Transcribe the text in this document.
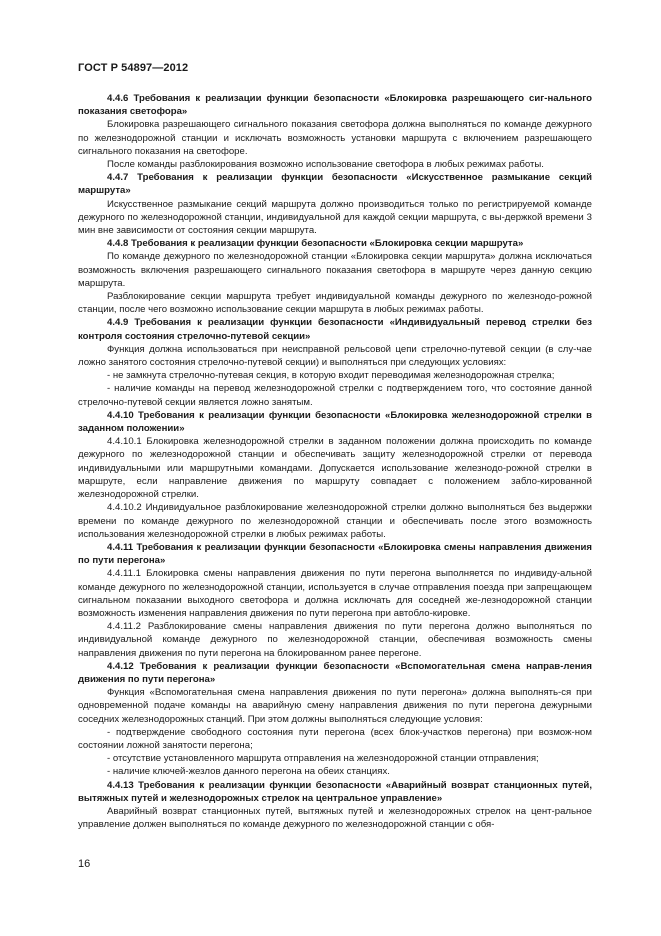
ГОСТ Р 54897—2012

4.4.6 Требования к реализации функции безопасности «Блокировка разрешающего сиг-нального показания светофора»

Блокировка разрешающего сигнального показания светофора должна выполняться по команде дежурного по железнодорожной станции и исключать возможность установки маршрута с включением разрешающего сигнального показания на светофоре.

После команды разблокирования возможно использование светофора в любых режимах работы.

4.4.7 Требования к реализации функции безопасности «Искусственное размыкание секций маршрута»

Искусственное размыкание секций маршрута должно производиться только по регистрируемой команде дежурного по железнодорожной станции, индивидуальной для каждой секции маршрута, с вы-держкой времени 3 мин вне зависимости от состояния секции маршрута.

4.4.8 Требования к реализации функции безопасности «Блокировка секции маршрута»

По команде дежурного по железнодорожной станции «Блокировка секции маршрута» должна исключаться возможность включения разрешающего сигнального показания светофора в маршруте через данную секцию маршрута.

Разблокирование секции маршрута требует индивидуальной команды дежурного по железнодо-рожной станции, после чего возможно использование секции маршрута в любых режимах работы.

4.4.9 Требования к реализации функции безопасности «Индивидуальный перевод стрелки без контроля состояния стрелочно-путевой секции»

Функция должна использоваться при неисправной рельсовой цепи стрелочно-путевой секции (в слу-чае ложно занятого состояния стрелочно-путевой секции) и выполняться при следующих условиях:

- не замкнута стрелочно-путевая секция, в которую входит переводимая железнодорожная стрелка;

- наличие команды на перевод железнодорожной стрелки с подтверждением того, что состояние данной стрелочно-путевой секции является ложно занятым.

4.4.10 Требования к реализации функции безопасности «Блокировка железнодорожной стрелки в заданном положении»

4.4.10.1 Блокировка железнодорожной стрелки в заданном положении должна происходить по команде дежурного по железнодорожной станции и обеспечивать защиту железнодорожной стрелки от перевода индивидуальными или маршрутными командами. Допускается использование железнодо-рожной стрелки в маршруте, если направление движения по маршруту совпадает с положением забло-кированной железнодорожной стрелки.

4.4.10.2 Индивидуальное разблокирование железнодорожной стрелки должно выполняться без выдержки времени по команде дежурного по железнодорожной станции и обеспечивать после этого возможность использования железнодорожной стрелки в любых режимах работы.

4.4.11 Требования к реализации функции безопасности «Блокировка смены направления движения по пути перегона»

4.4.11.1 Блокировка смены направления движения по пути перегона выполняется по индивиду-альной команде дежурного по железнодорожной станции, используется в случае отправления поезда при запрещающем сигнальном показании выходного светофора и должна исключать для соседней же-лезнодорожной станции возможность изменения направления движения по пути перегона при автобло-кировке.

4.4.11.2 Разблокирование смены направления движения по пути перегона должно выполняться по индивидуальной команде дежурного по железнодорожной станции, обеспечивая возможность смены направления движения по пути перегона на блокированном ранее перегоне.

4.4.12 Требования к реализации функции безопасности «Вспомогательная смена направ-ления движения по пути перегона»

Функция «Вспомогательная смена направления движения по пути перегона» должна выполнять-ся при одновременной подаче команды на аварийную смену направления движения по пути перегона дежурными соседних железнодорожных станций. При этом должны выполняться следующие условия:

- подтверждение свободного состояния пути перегона (всех блок-участков перегона) при возмож-ном состоянии ложной занятости перегона;

- отсутствие установленного маршрута отправления на железнодорожной станции отправления;

- наличие ключей-жезлов данного перегона на обеих станциях.

4.4.13 Требования к реализации функции безопасности «Аварийный возврат станционных путей, вытяжных путей и железнодорожных стрелок на центральное управление»

Аварийный возврат станционных путей, вытяжных путей и железнодорожных стрелок на цент-ральное управление должен выполняться по команде дежурного по железнодорожной станции с обя-

16
